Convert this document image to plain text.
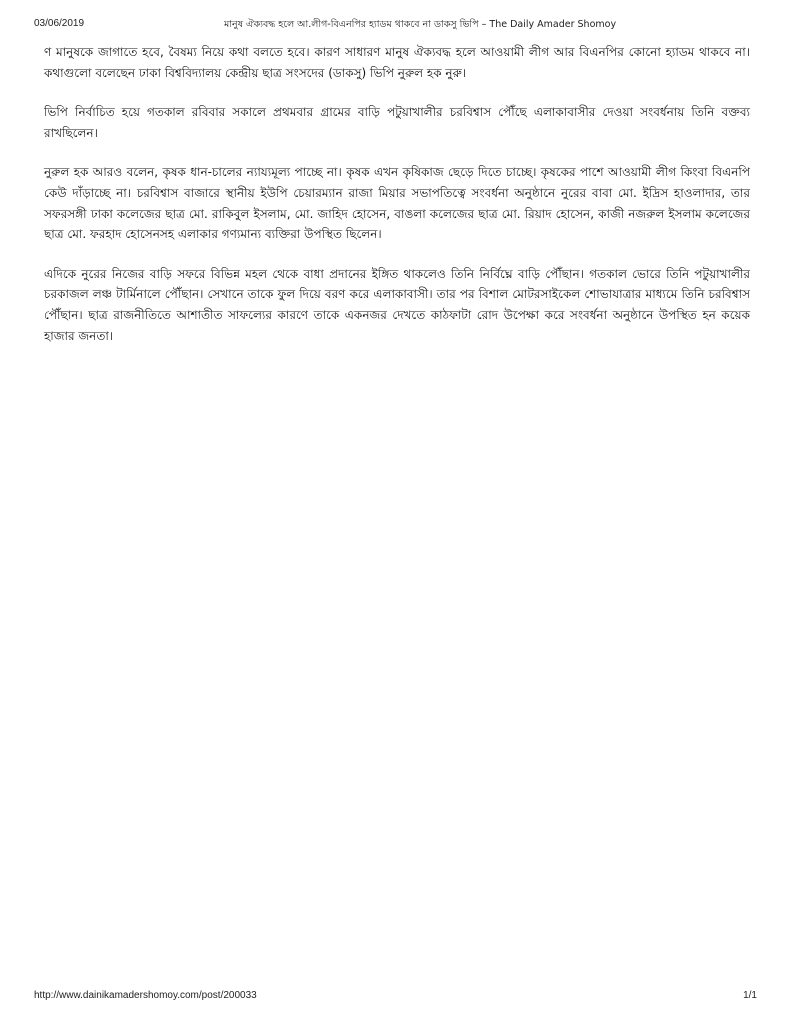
03/06/2019	মানুষ ঐক্যবদ্ধ হলে আ.লীগ-বিএনপির হ্যাডম থাকবে না ডাকসু ভিপি – The Daily Amader Shomoy

ণ মানুষকে জাগাতে হবে, বৈষম্য নিয়ে কথা বলতে হবে। কারণ সাধারণ মানুষ ঐক্যবদ্ধ হলে আওয়ামী লীগ আর বিএনপির কোনো হ্যাডম থাকবে না। কথাগুলো বলেছেন ঢাকা বিশ্ববিদ্যালয় কেন্দ্রীয় ছাত্র সংসদের (ডাকসু) ভিপি নুরুল হক নুরু।

ভিপি নির্বাচিত হয়ে গতকাল রবিবার সকালে প্রথমবার গ্রামের বাড়ি পটুয়াখালীর চরবিশ্বাস পৌঁছে এলাকাবাসীর দেওয়া সংবর্ধনায় তিনি বক্তব্য রাখছিলেন।

নুরুল হক আরও বলেন, কৃষক ধান-চালের ন্যায্যমূল্য পাচ্ছে না। কৃষক এখন কৃষিকাজ ছেড়ে দিতে চাচ্ছে। কৃষকের পাশে আওয়ামী লীগ কিংবা বিএনপি কেউ দাঁড়াচ্ছে না। চরবিশ্বাস বাজারে স্থানীয় ইউপি চেয়ারম্যান রাজা মিয়ার সভাপতিত্বে সংবর্ধনা অনুষ্ঠানে নুরের বাবা মো. ইদ্রিস হাওলাদার, তার সফরসঙ্গী ঢাকা কলেজের ছাত্র মো. রাকিবুল ইসলাম, মো. জাহিদ হোসেন, বাঙলা কলেজের ছাত্র মো. রিয়াদ হোসেন, কাজী নজরুল ইসলাম কলেজের ছাত্র মো. ফরহাদ হোসেনসহ এলাকার গণ্যমান্য ব্যক্তিরা উপস্থিত ছিলেন।

এদিকে নুরের নিজের বাড়ি সফরে বিভিন্ন মহল থেকে বাধা প্রদানের ইঙ্গিত থাকলেও তিনি নির্বিঘ্নে বাড়ি পৌঁছান। গতকাল ভোরে তিনি পটুয়াখালীর চরকাজল লঞ্চ টার্মিনালে পৌঁছান। সেখানে তাকে ফুল দিয়ে বরণ করে এলাকাবাসী। তার পর বিশাল মোটরসাইকেল শোভাযাত্রার মাধ্যমে তিনি চরবিশ্বাস পৌঁছান। ছাত্র রাজনীতিতে আশাতীত সাফল্যের কারণে তাকে একনজর দেখতে কাঠফাটা রোদ উপেক্ষা করে সংবর্ধনা অনুষ্ঠানে উপস্থিত হন কয়েক হাজার জনতা।

http://www.dainikamadershomoy.com/post/200033	1/1
